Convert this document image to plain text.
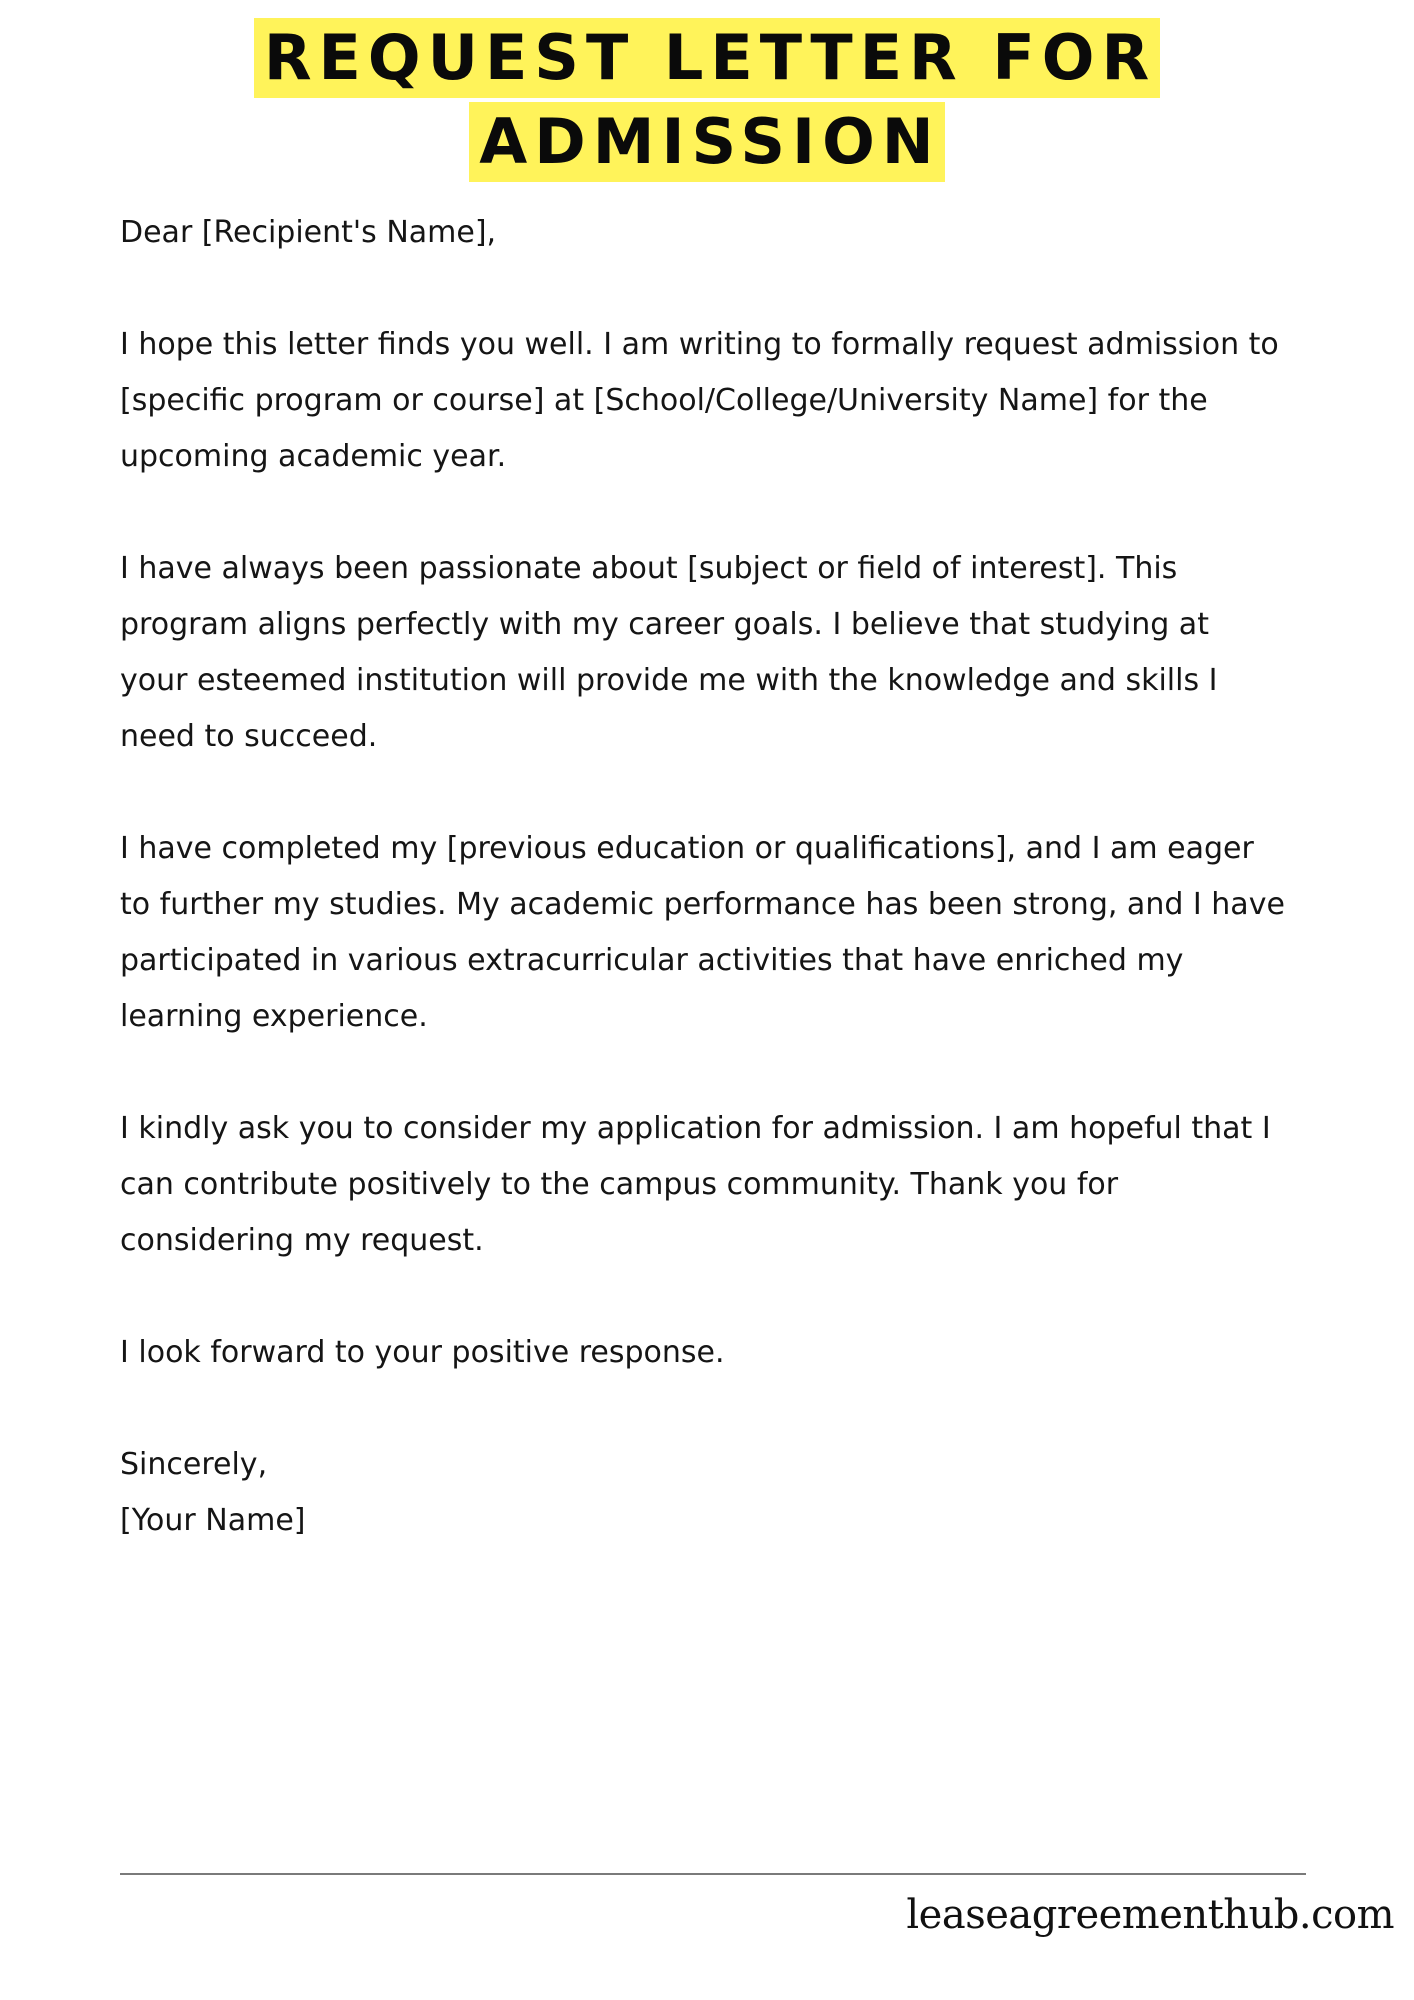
REQUEST LETTER FOR
ADMISSION

Dear [Recipient's Name],

I hope this letter finds you well. I am writing to formally request admission to
[specific program or course] at [School/College/University Name] for the
upcoming academic year.

I have always been passionate about [subject or field of interest]. This
program aligns perfectly with my career goals. I believe that studying at
your esteemed institution will provide me with the knowledge and skills I
need to succeed.

I have completed my [previous education or qualifications], and I am eager
to further my studies. My academic performance has been strong, and I have
participated in various extracurricular activities that have enriched my
learning experience.

I kindly ask you to consider my application for admission. I am hopeful that I
can contribute positively to the campus community. Thank you for
considering my request.

I look forward to your positive response.

Sincerely,

[Your Name]

leaseagreementhub.com
